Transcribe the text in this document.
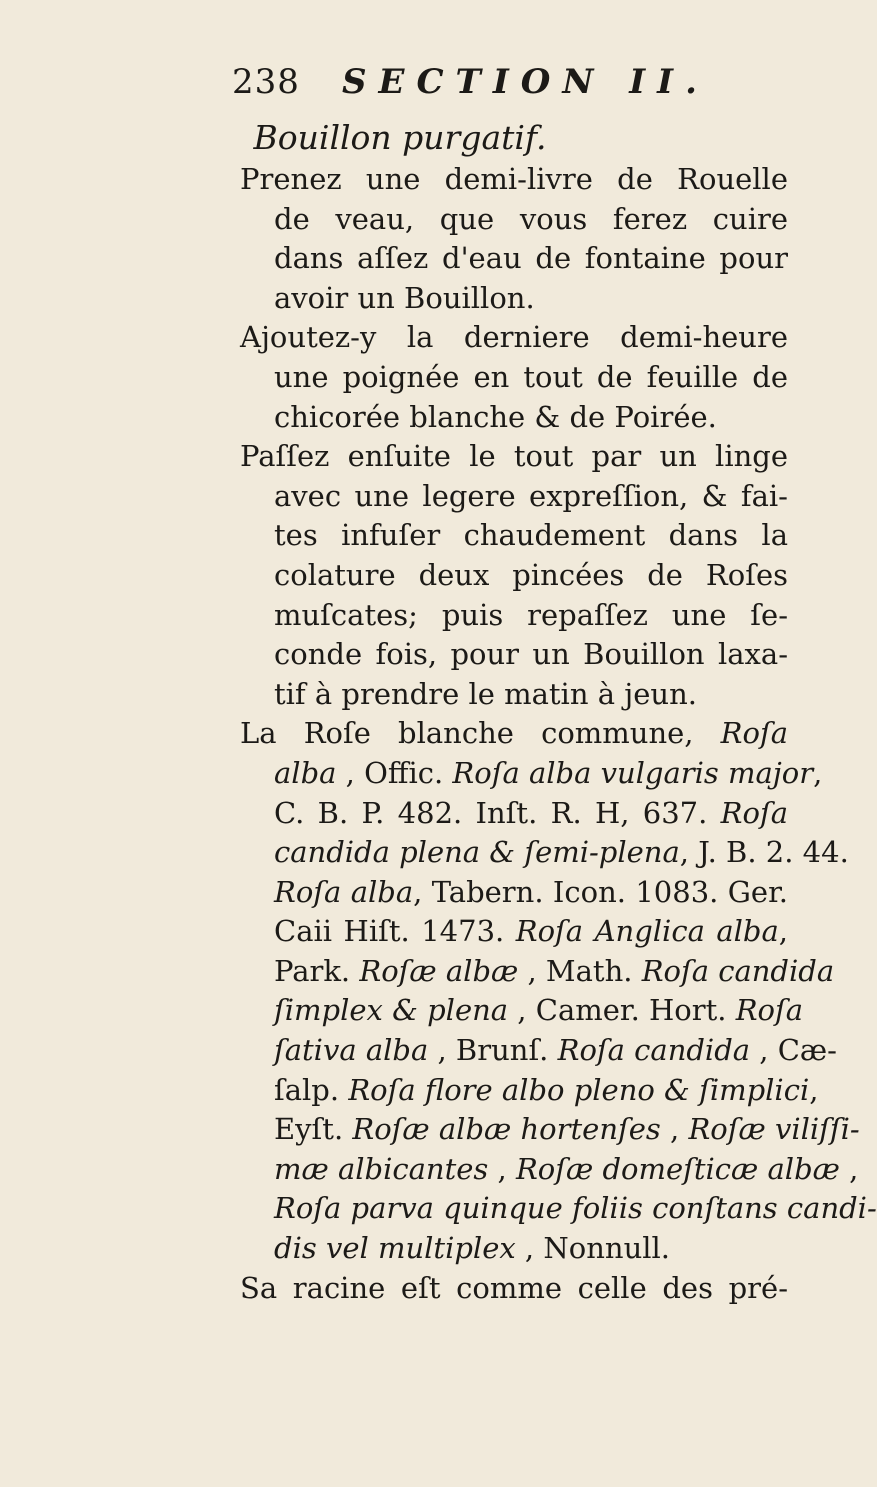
238 SECTION II.
Bouillon purgatif.
Prenez une demi-livre de Rouelle
de veau, que vous ferez cuire
dans aſſez d'eau de fontaine pour
avoir un Bouillon.
Ajoutez-y la derniere demi-heure
une poignée en tout de feuille de
chicorée blanche & de Poirée.
Paſſez enſuite le tout par un linge
avec une legere expreſſion, & fai-
tes infuſer chaudement dans la
colature deux pincées de Roſes
muſcates; puis repaſſez une ſe-
conde fois, pour un Bouillon laxa-
tif à prendre le matin à jeun.
La Roſe blanche commune, Roſa
alba , Offic. Roſa alba vulgaris major,
C. B. P. 482. Inſt. R. H, 637. Roſa
candida plena & ſemi-plena, J. B. 2. 44.
Roſa alba, Tabern. Icon. 1083. Ger.
Caii Hiſt. 1473. Roſa Anglica alba,
Park. Roſæ albæ , Math. Roſa candida
ſimplex & plena , Camer. Hort. Roſa
ſativa alba , Brunſ. Roſa candida , Cæ-
ſalp. Roſa flore albo pleno & ſimplici,
Eyſt. Roſæ albæ hortenſes , Roſæ viliſſi-
mæ albicantes , Roſæ domeſticæ albæ ,
Roſa parva quinque foliis conſtans candi-
dis vel multiplex , Nonnull.
Sa racine eſt comme celle des pré-
